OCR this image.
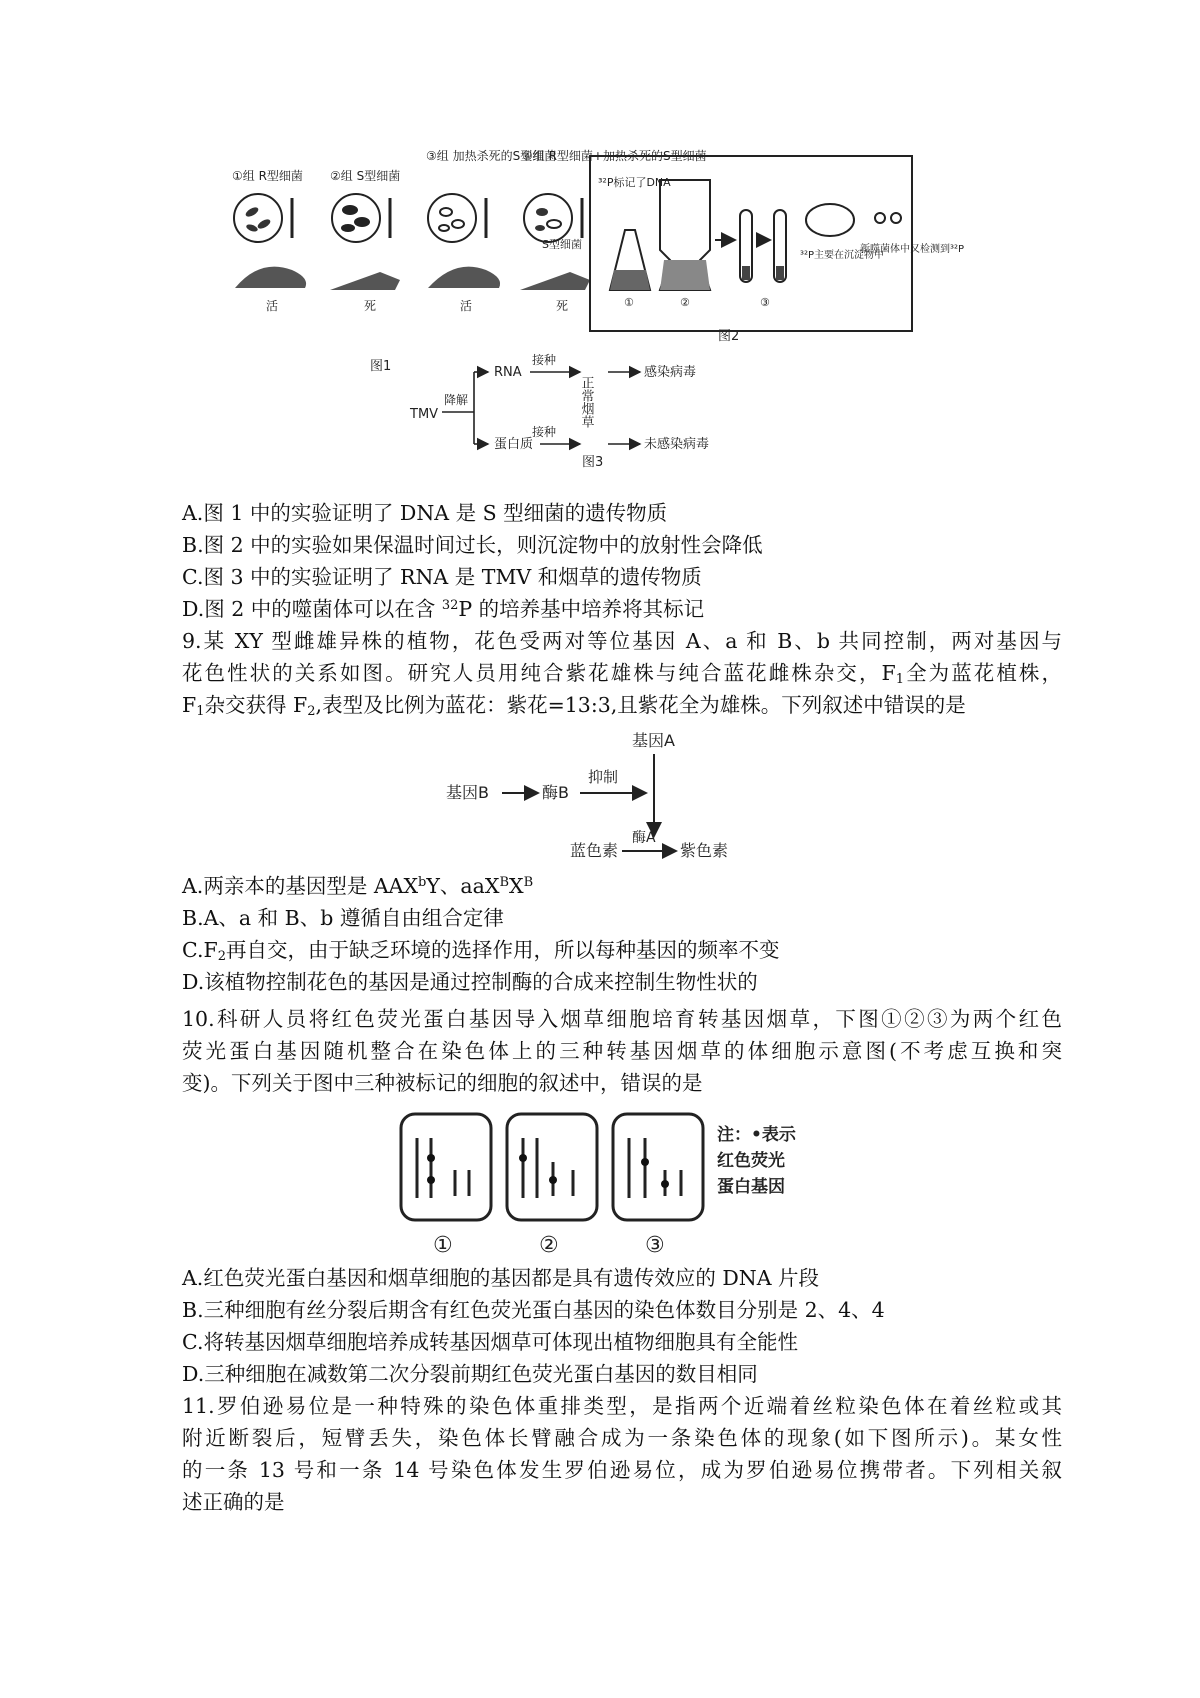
①组 R型细菌
活
②组 S型细菌
死
③组 加热杀死的S型细菌
活
④组 R型细菌+加热杀死的S型细菌
S型细菌
死
图1
³²P标记了DNA
①	②	③
³²P主要在沉淀物中
新噬菌体中又检测到³²P
图2
TMV
降解
RNA
蛋白质
接种
接种
正常烟草
感染病毒
未感染病毒
图3
A.图 1 中的实验证明了 DNA 是 S 型细菌的遗传物质
B.图 2 中的实验如果保温时间过长，则沉淀物中的放射性会降低
C.图 3 中的实验证明了 RNA 是 TMV 和烟草的遗传物质
D.图 2 中的噬菌体可以在含 $^{32}$P 的培养基中培养将其标记
9.某 XY 型雌雄异株的植物，花色受两对等位基因 A、a 和 B、b 共同控制，两对基因与
花色性状的关系如图。研究人员用纯合紫花雄株与纯合蓝花雌株杂交，$F_1$全为蓝花植株，
$F_1$杂交获得 $F_2$,表型及比例为蓝花：紫花=13:3,且紫花全为雄株。下列叙述中错误的是
基因A
基因B	酶B
抑制
蓝色素
酶A
紫色素
A.两亲本的基因型是 AAX$^b$Y、$aaX^BX^B$
B.A、a 和 B、b 遵循自由组合定律
$C.F_2$再自交，由于缺乏环境的选择作用，所以每种基因的频率不变
D.该植物控制花色的基因是通过控制酶的合成来控制生物性状的
10.科研人员将红色荧光蛋白基因导入烟草细胞培育转基因烟草，下图①②③为两个红色
荧光蛋白基因随机整合在染色体上的三种转基因烟草的体细胞示意图(不考虑互换和突
变)。下列关于图中三种被标记的细胞的叙述中，错误的是
①	②	③
注：•表示
红色荧光
蛋白基因
A.红色荧光蛋白基因和烟草细胞的基因都是具有遗传效应的 DNA 片段
B.三种细胞有丝分裂后期含有红色荧光蛋白基因的染色体数目分别是 2、4、4
C.将转基因烟草细胞培养成转基因烟草可体现出植物细胞具有全能性
D.三种细胞在减数第二次分裂前期红色荧光蛋白基因的数目相同
11.罗伯逊易位是一种特殊的染色体重排类型，是指两个近端着丝粒染色体在着丝粒或其
附近断裂后，短臂丢失，染色体长臂融合成为一条染色体的现象(如下图所示)。某女性
的一条 13 号和一条 14 号染色体发生罗伯逊易位，成为罗伯逊易位携带者。下列相关叙
述正确的是
